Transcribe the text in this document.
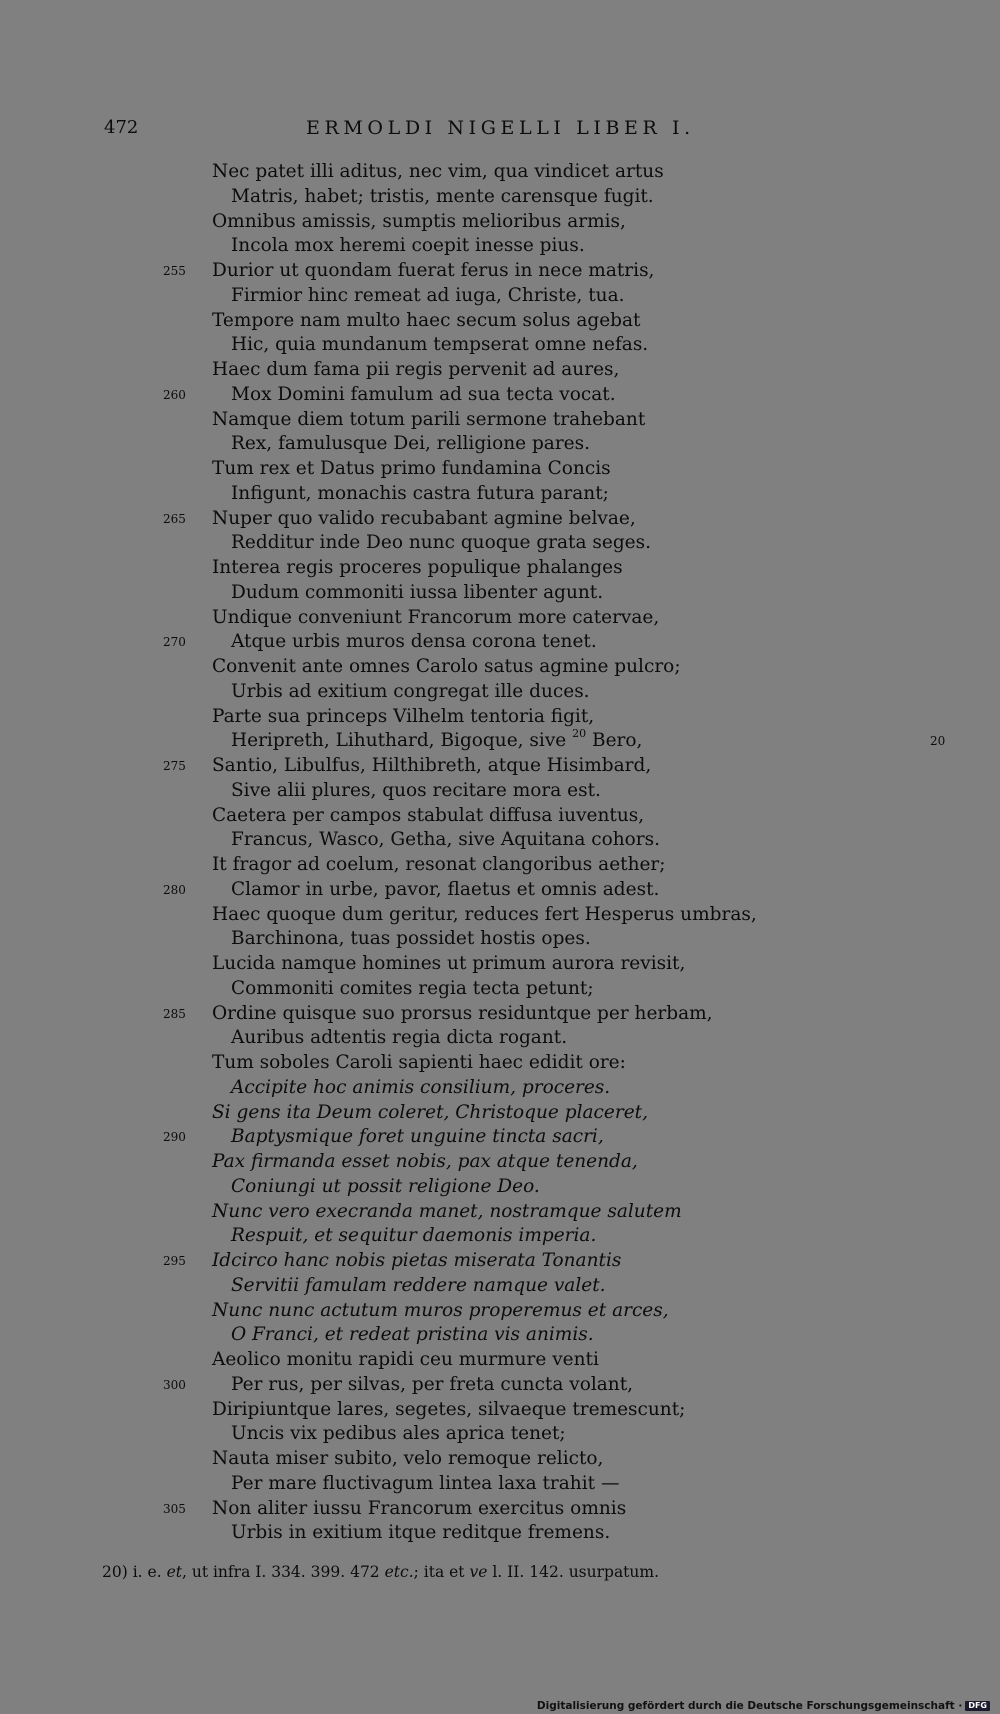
472	ERMOLDI NIGELLI LIBER I.
Nec patet illi aditus, nec vim, qua vindicet artus
Matris, habet; tristis, mente carensque fugit.
Omnibus amissis, sumptis melioribus armis,
Incola mox heremi coepit inesse pius.
255 Durior ut quondam fuerat ferus in nece matris,
Firmior hinc remeat ad iuga, Christe, tua.
Tempore nam multo haec secum solus agebat
Hic, quia mundanum tempserat omne nefas.
Haec dum fama pii regis pervenit ad aures,
260 Mox Domini famulum ad sua tecta vocat.
Namque diem totum parili sermone trahebant
Rex, famulusque Dei, relligione pares.
Tum rex et Datus primo fundamina Concis
Infigunt, monachis castra futura parant;
265 Nuper quo valido recubabant agmine belvae,
Redditur inde Deo nunc quoque grata seges.
Interea regis proceres populique phalanges
Dudum commoniti iussa libenter agunt.
Undique conveniunt Francorum more catervae,
270 Atque urbis muros densa corona tenet.
Convenit ante omnes Carolo satus agmine pulcro;
Urbis ad exitium congregat ille duces.
Parte sua princeps Vilhelm tentoria figit,
Heripreth, Lihuthard, Bigoque, sive $^{20}$ Bero,	20
275 Santio, Libulfus, Hilthibreth, atque Hisimbard,
Sive alii plures, quos recitare mora est.
Caetera per campos stabulat diffusa iuventus,
Francus, Wasco, Getha, sive Aquitana cohors.
It fragor ad coelum, resonat clangoribus aether;
280 Clamor in urbe, pavor, flaetus et omnis adest.
Haec quoque dum geritur, reduces fert Hesperus umbras,
Barchinona, tuas possidet hostis opes.
Lucida namque homines ut primum aurora revisit,
Commoniti comites regia tecta petunt;
285 Ordine quisque suo prorsus residuntque per herbam,
Auribus adtentis regia dicta rogant.
Tum soboles Caroli sapienti haec edidit ore:
Accipite hoc animis consilium, proceres.
Si gens ita Deum coleret, Christoque placeret,
290 Baptysmique foret unguine tincta sacri,
Pax firmanda esset nobis, pax atque tenenda,
Coniungi ut possit religione Deo.
Nunc vero execranda manet, nostramque salutem
Respuit, et sequitur daemonis imperia.
295 Idcirco hanc nobis pietas miserata Tonantis
Servitii famulam reddere namque valet.
Nunc nunc actutum muros properemus et arces,
O Franci, et redeat pristina vis animis.
Aeolico monitu rapidi ceu murmure venti
300 Per rus, per silvas, per freta cuncta volant,
Diripiuntque lares, segetes, silvaeque tremescunt;
Uncis vix pedibus ales aprica tenet;
Nauta miser subito, velo remoque relicto,
Per mare fluctivagum lintea laxa trahit —
305 Non aliter iussu Francorum exercitus omnis
Urbis in exitium itque reditque fremens.
20) i. e. et, ut infra I. 334. 399. 472 etc.; ita et ve l. II. 142. usurpatum.
Digitalisierung gefördert durch die Deutsche Forschungsgemeinschaft · DFG
